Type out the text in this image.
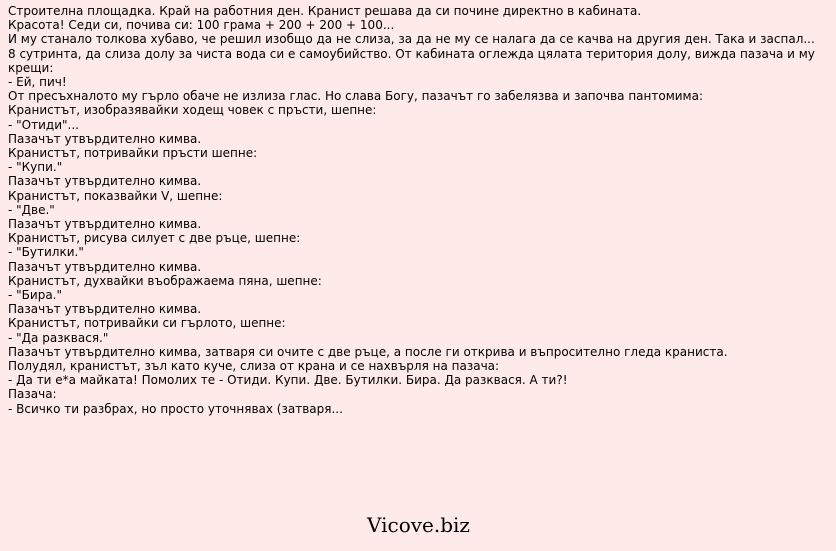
Строителна площадка. Край на работния ден. Кранист решава да си почине директно в кабината.
Красота! Седи си, почива си: 100 грама + 200 + 200 + 100...
И му станало толкова хубаво, че решил изобщо да не слиза, за да не му се налага да се качва на другия ден. Така и заспал...
8 сутринта, да слиза долу за чиста вода си е самоубийство. От кабината оглежда цялата територия долу, вижда пазача и му крещи:
- Ей, пич!
От пресъхналото му гърло обаче не излиза глас. Но слава Богу, пазачът го забелязва и започва пантомима:
Кранистът, изобразявайки ходещ човек с пръсти, шепне:
- "Отиди"...
Пазачът утвърдително кимва.
Кранистът, потривайки пръсти шепне:
- "Купи."
Пазачът утвърдително кимва.
Кранистът, показвайки V, шепне:
- "Две."
Пазачът утвърдително кимва.
Кранистът, рисува силует с две ръце, шепне:
- "Бутилки."
Пазачът утвърдително кимва.
Кранистът, духвайки въображаема пяна, шепне:
- "Бира."
Пазачът утвърдително кимва.
Кранистът, потривайки си гърлото, шепне:
- "Да разквася."
Пазачът утвърдително кимва, затваря си очите с две ръце, а после ги открива и въпросително гледа крaниста.
Полудял, кранистът, зъл като куче, слиза от крана и се нахвърля на пазача:
- Да ти е*а майката! Помолих те - Отиди. Купи. Две. Бутилки. Бира. Да разквася. А ти?!
Пазача:
- Всичко ти разбрах, но просто уточнявах (затваря...
Vicove.biz
